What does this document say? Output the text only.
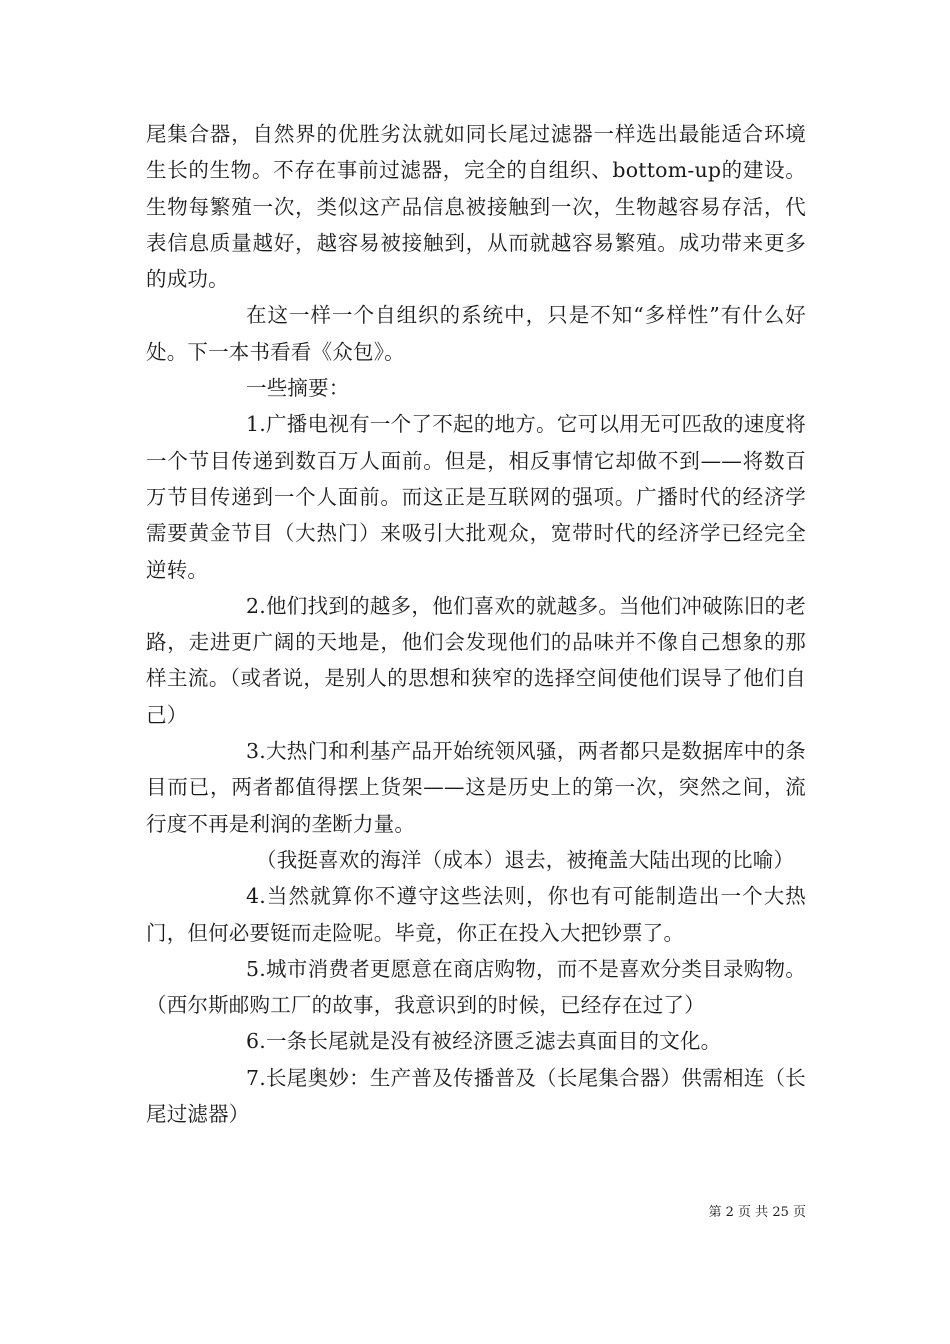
尾集合器，自然界的优胜劣汰就如同长尾过滤器一样选出最能适合环境生长的生物。不存在事前过滤器，完全的自组织、bottom-up的建设。生物每繁殖一次，类似这产品信息被接触到一次，生物越容易存活，代表信息质量越好，越容易被接触到，从而就越容易繁殖。成功带来更多的成功。

在这一样一个自组织的系统中，只是不知“多样性”有什么好处。下一本书看看《众包》。

一些摘要：

1.广播电视有一个了不起的地方。它可以用无可匹敌的速度将一个节目传递到数百万人面前。但是，相反事情它却做不到——将数百万节目传递到一个人面前。而这正是互联网的强项。广播时代的经济学需要黄金节目（大热门）来吸引大批观众，宽带时代的经济学已经完全逆转。

2.他们找到的越多，他们喜欢的就越多。当他们冲破陈旧的老路，走进更广阔的天地是，他们会发现他们的品味并不像自己想象的那样主流。（或者说，是别人的思想和狭窄的选择空间使他们误导了他们自己）

3.大热门和利基产品开始统领风骚，两者都只是数据库中的条目而已，两者都值得摆上货架——这是历史上的第一次，突然之间，流行度不再是利润的垄断力量。

（我挺喜欢的海洋（成本）退去，被掩盖大陆出现的比喻）

4.当然就算你不遵守这些法则，你也有可能制造出一个大热门，但何必要铤而走险呢。毕竟，你正在投入大把钞票了。

5.城市消费者更愿意在商店购物，而不是喜欢分类目录购物。（西尔斯邮购工厂的故事，我意识到的时候，已经存在过了）

6.一条长尾就是没有被经济匮乏滤去真面目的文化。

7.长尾奥妙：生产普及传播普及（长尾集合器）供需相连（长尾过滤器）

第 2 页 共 25 页
